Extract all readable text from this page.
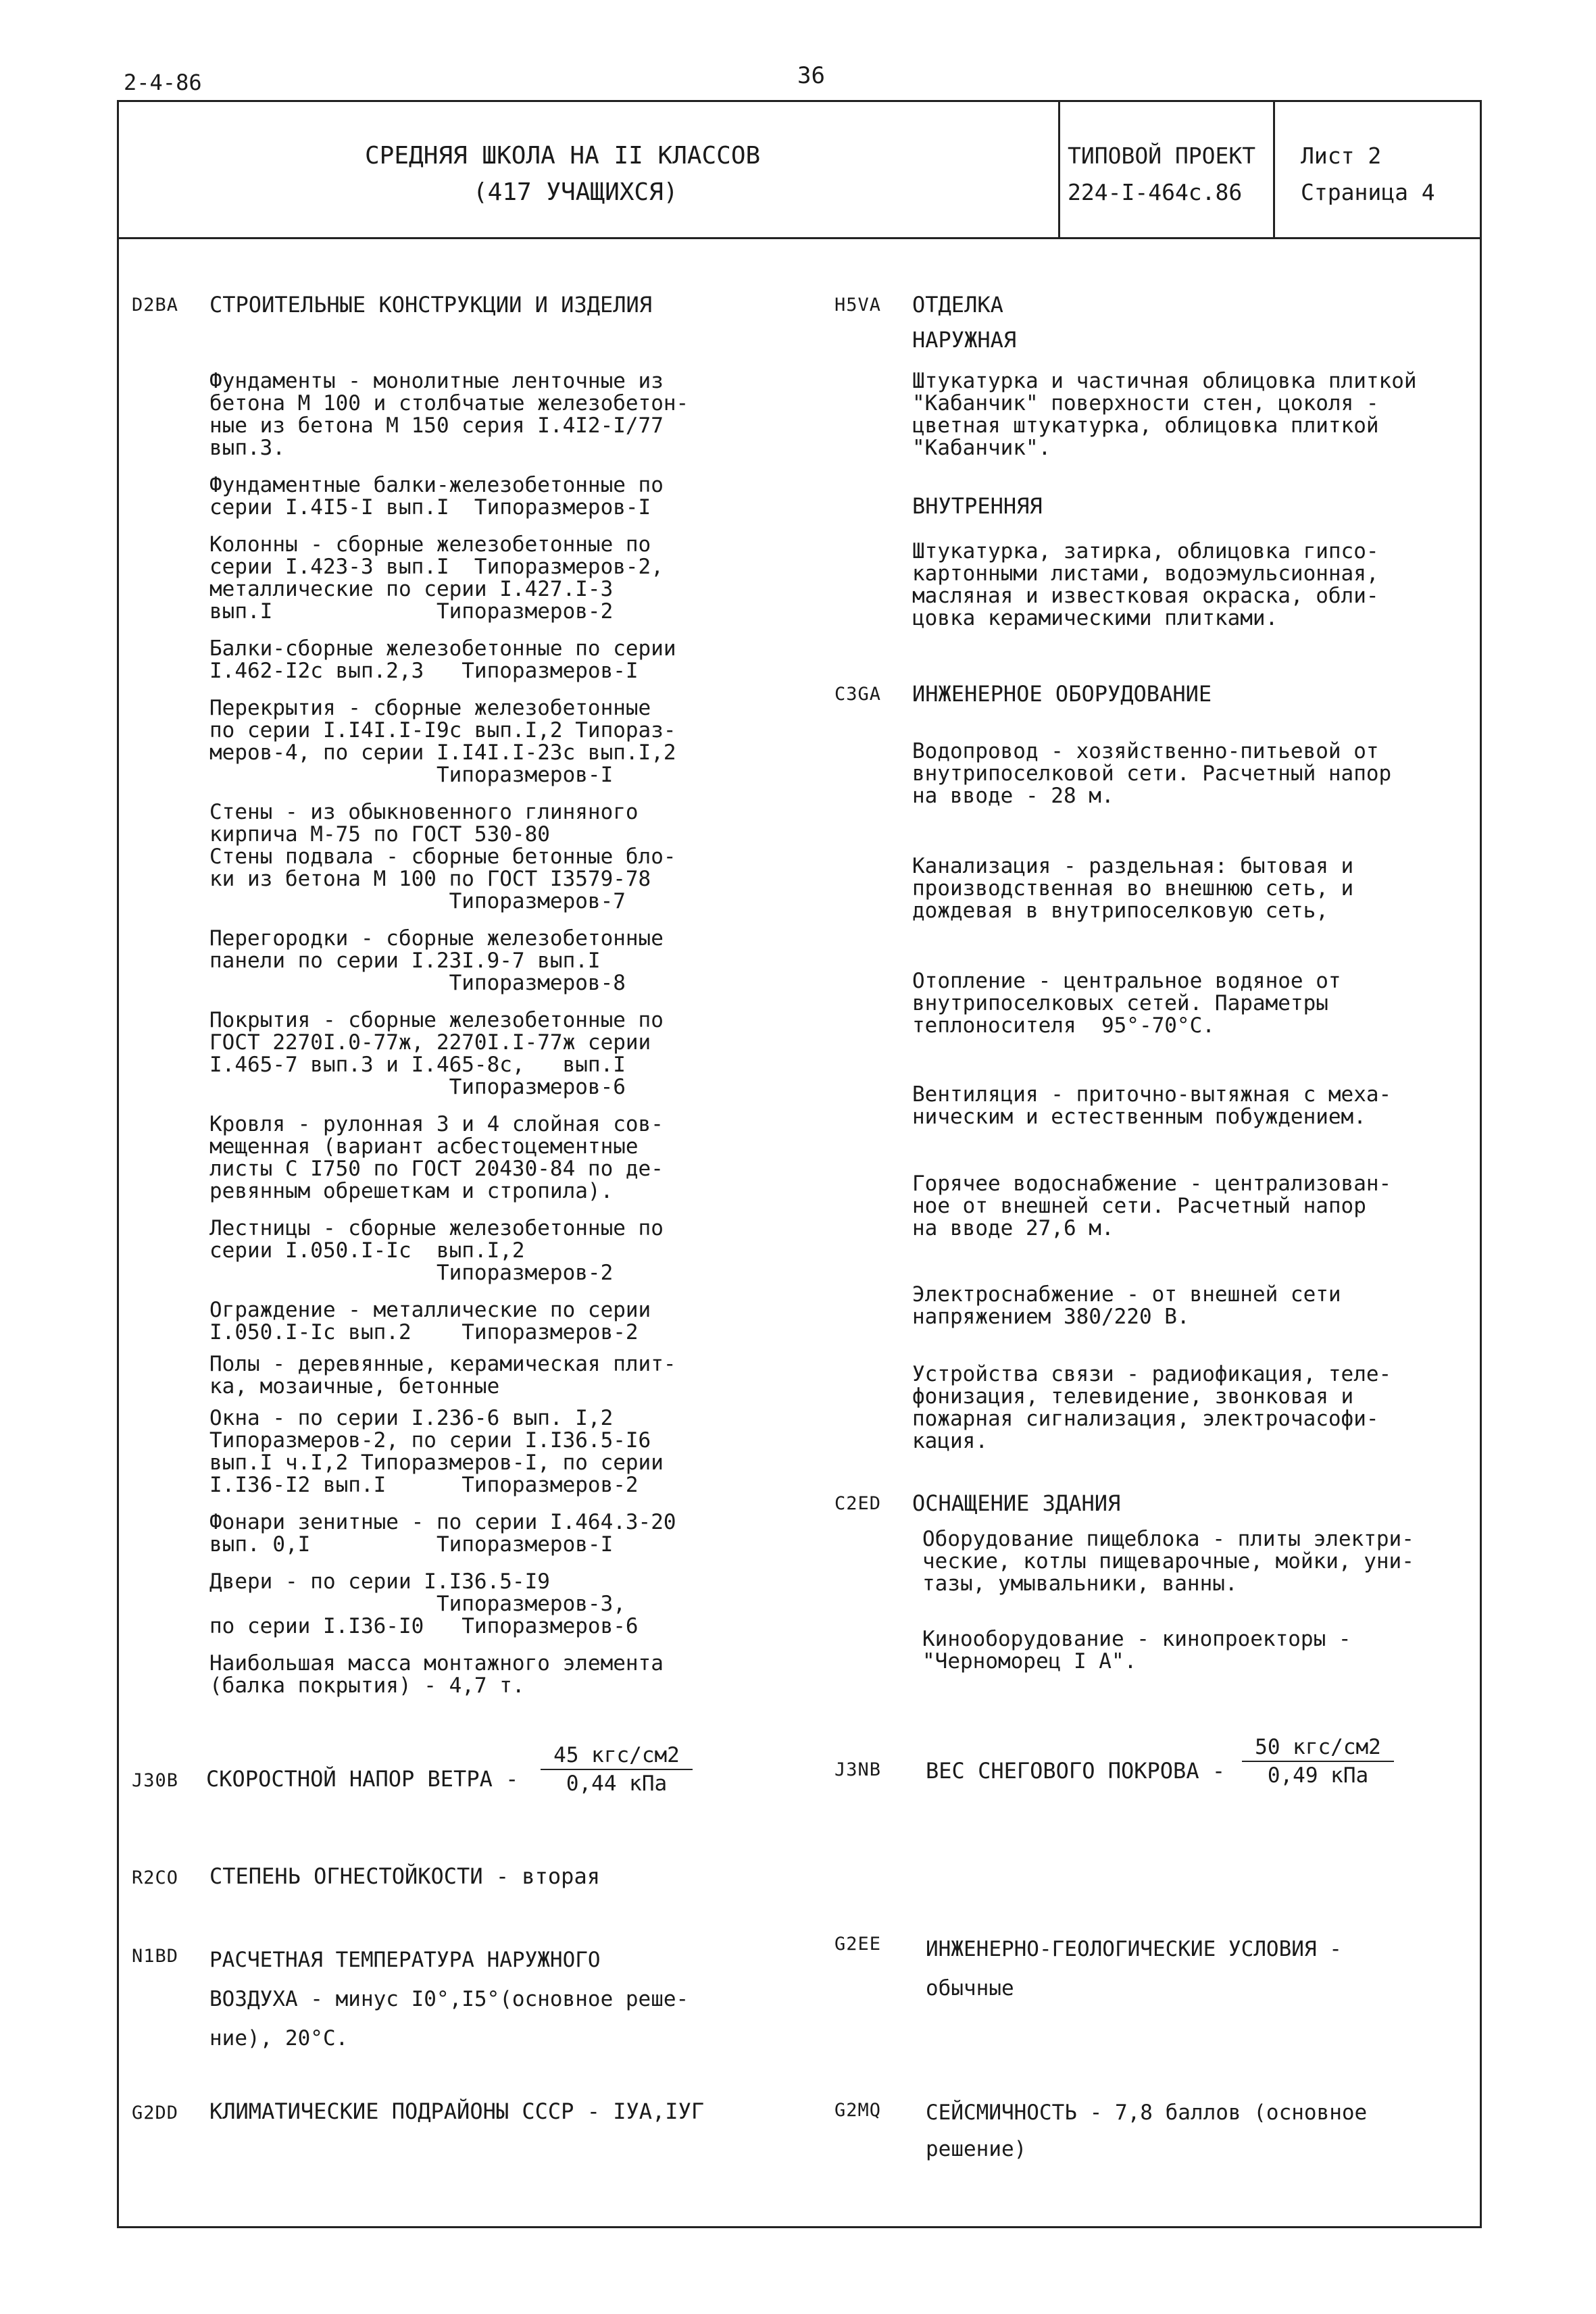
2-4-86	36
СРЕДНЯЯ ШКОЛА НА II КЛАССОВ
(417 УЧАЩИХСЯ)
ТИПОВОЙ ПРОЕКТ
224-I-464с.86
Лист 2
Страница 4
D2BA СТРОИТЕЛЬНЫЕ КОНСТРУКЦИИ И ИЗДЕЛИЯ
Фундаменты - монолитные ленточные из
бетона М 100 и столбчатые железобетон-
ные из бетона М 150 серия I.4I2-I/77
вып.3.
Фундаментные балки-железобетонные по
серии I.4I5-I вып.I  Типоразмеров-I
Колонны - сборные железобетонные по
серии I.423-3 вып.I  Типоразмеров-2,
металлические по серии I.427.I-3
вып.I             Типоразмеров-2
Балки-сборные железобетонные по серии
I.462-I2с вып.2,3   Типоразмеров-I
Перекрытия - сборные железобетонные
по серии I.I4I.I-I9с вып.I,2 Типораз-
меров-4, по серии I.I4I.I-23с вып.I,2
Типоразмеров-I
Стены - из обыкновенного глиняного
кирпича М-75 по ГОСТ 530-80
Стены подвала - сборные бетонные бло-
ки из бетона М 100 по ГОСТ I3579-78
Типоразмеров-7
Перегородки - сборные железобетонные
панели по серии I.23I.9-7 вып.I
Типоразмеров-8
Покрытия - сборные железобетонные по
ГОСТ 2270I.0-77ж, 2270I.I-77ж серии
I.465-7 вып.3 и I.465-8с,   вып.I
Типоразмеров-6
Кровля - рулонная 3 и 4 слойная сов-
мещенная (вариант асбестоцементные
листы С I750 по ГОСТ 20430-84 по де-
ревянным обрешеткам и стропила).
Лестницы - сборные железобетонные по
серии I.050.I-Iс  вып.I,2
Типоразмеров-2
Ограждение - металлические по серии
I.050.I-Iс вып.2    Типоразмеров-2
Полы - деревянные, керамическая плит-
ка, мозаичные, бетонные
Окна - по серии I.236-6 вып. I,2
Типоразмеров-2, по серии I.I36.5-I6
вып.I ч.I,2 Типоразмеров-I, по серии
I.I36-I2 вып.I      Типоразмеров-2
Фонари зенитные - по серии I.464.3-20
вып. 0,I          Типоразмеров-I
Двери - по серии I.I36.5-I9
Типоразмеров-3,
по серии I.I36-I0   Типоразмеров-6
Наибольшая масса монтажного элемента
(балка покрытия) - 4,7 т.
J30B СКОРОСТНОЙ НАПОР ВЕТРА -
45 кгс/см2
0,44 кПа
R2CO СТЕПЕНЬ ОГНЕСТОЙКОСТИ - вторая
N1BD РАСЧЕТНАЯ ТЕМПЕРАТУРА НАРУЖНОГО
ВОЗДУХА - минус I0°,I5°(основное реше-
ние), 20°С.
G2DD КЛИМАТИЧЕСКИЕ ПОДРАЙОНЫ СССР - IУА,IУГ
H5VA ОТДЕЛКА
НАРУЖНАЯ
Штукатурка и частичная облицовка плиткой
"Кабанчик" поверхности стен, цоколя -
цветная штукатурка, облицовка плиткой
"Кабанчик".
ВНУТРЕННЯЯ
Штукатурка, затирка, облицовка гипсо-
картонными листами, водоэмульсионная,
масляная и известковая окраска, обли-
цовка керамическими плитками.
C3GA ИНЖЕНЕРНОЕ ОБОРУДОВАНИЕ
Водопровод - хозяйственно-питьевой от
внутрипоселковой сети. Расчетный напор
на вводе - 28 м.
Канализация - раздельная: бытовая и
производственная во внешнюю сеть, и
дождевая в внутрипоселковую сеть,
Отопление - центральное водяное от
внутрипоселковых сетей. Параметры
теплоносителя  95°-70°С.
Вентиляция - приточно-вытяжная с меха-
ническим и естественным побуждением.
Горячее водоснабжение - централизован-
ное от внешней сети. Расчетный напор
на вводе 27,6 м.
Электроснабжение - от внешней сети
напряжением 380/220 В.
Устройства связи - радиофикация, теле-
фонизация, телевидение, звонковая и
пожарная сигнализация, электрочасофи-
кация.
C2ED ОСНАЩЕНИЕ ЗДАНИЯ
Оборудование пищеблока - плиты электри-
ческие, котлы пищеварочные, мойки, уни-
тазы, умывальники, ванны.
Кинооборудование - кинопроекторы -
"Черноморец I А".
J3NB ВЕС СНЕГОВОГО ПОКРОВА -
50 кгс/см2
0,49 кПа
G2EE ИНЖЕНЕРНО-ГЕОЛОГИЧЕСКИЕ УСЛОВИЯ -
обычные
G2MQ СЕЙСМИЧНОСТЬ - 7,8 баллов (основное
решение)
